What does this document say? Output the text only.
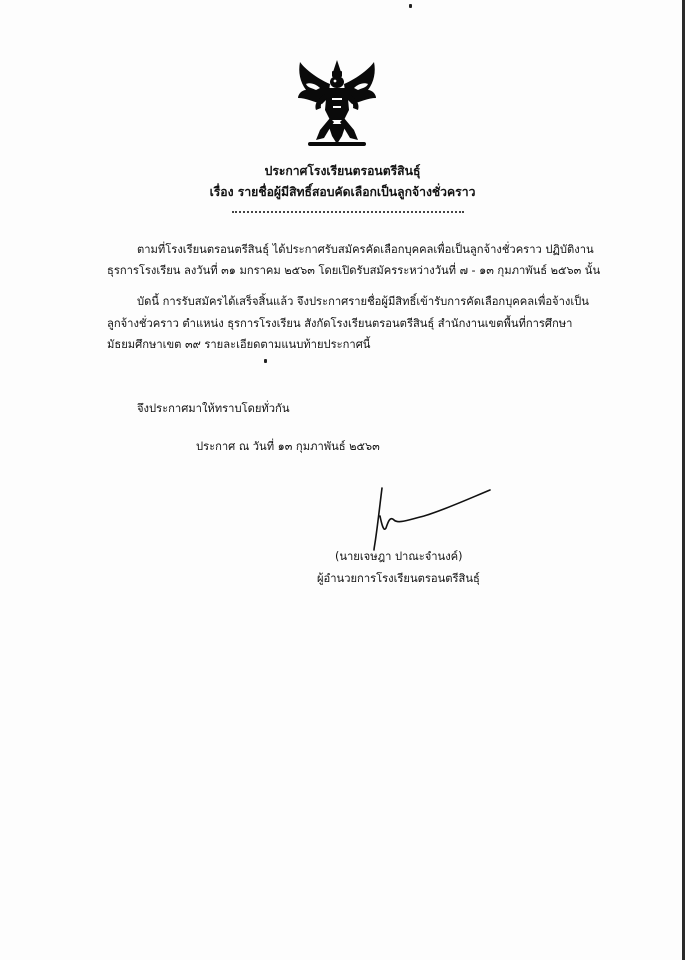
ประกาศโรงเรียนตรอนตรีสินธุ์
เรื่อง รายชื่อผู้มีสิทธิ์สอบคัดเลือกเป็นลูกจ้างชั่วคราว
ตามที่โรงเรียนตรอนตรีสินธุ์ ได้ประกาศรับสมัครคัดเลือกบุคคลเพื่อเป็นลูกจ้างชั่วคราว ปฏิบัติงาน
ธุรการโรงเรียน ลงวันที่ ๓๑ มกราคม ๒๕๖๓ โดยเปิดรับสมัครระหว่างวันที่ ๗ - ๑๓ กุมภาพันธ์ ๒๕๖๓ นั้น
บัดนี้ การรับสมัครได้เสร็จสิ้นแล้ว จึงประกาศรายชื่อผู้มีสิทธิ์เข้ารับการคัดเลือกบุคคลเพื่อจ้างเป็น
ลูกจ้างชั่วคราว ตำแหน่ง ธุรการโรงเรียน สังกัดโรงเรียนตรอนตรีสินธุ์ สำนักงานเขตพื้นที่การศึกษา
มัธยมศึกษาเขต ๓๙ รายละเอียดตามแนบท้ายประกาศนี้
จึงประกาศมาให้ทราบโดยทั่วกัน
ประกาศ ณ วันที่ ๑๓ กุมภาพันธ์ ๒๕๖๓
(นายเจษฎา ปาณะจำนงค์)
ผู้อำนวยการโรงเรียนตรอนตรีสินธุ์
